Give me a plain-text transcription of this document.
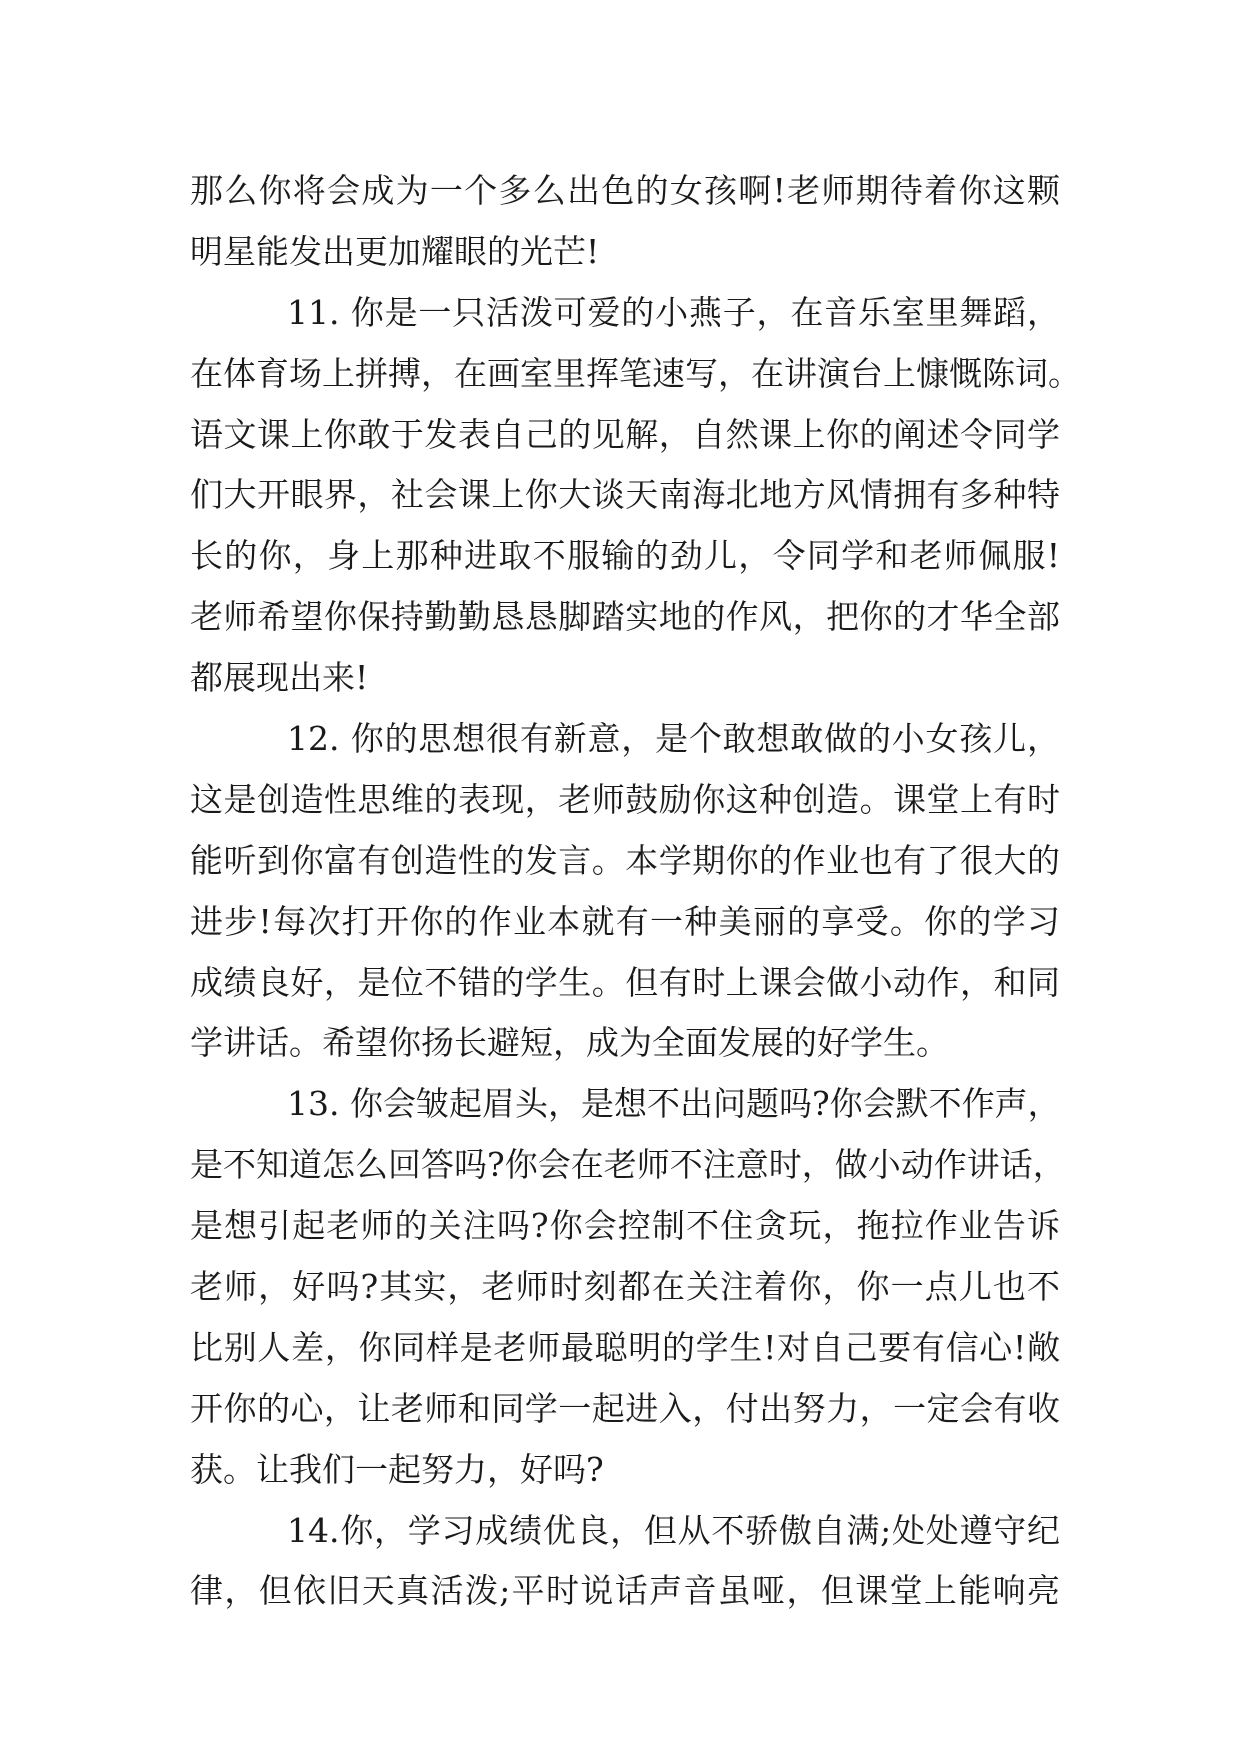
那么你将会成为一个多么出色的女孩啊!老师期待着你这颗
明星能发出更加耀眼的光芒!
11. 你是一只活泼可爱的小燕子，在音乐室里舞蹈，
在体育场上拼搏，在画室里挥笔速写，在讲演台上慷慨陈词。
语文课上你敢于发表自己的见解，自然课上你的阐述令同学
们大开眼界，社会课上你大谈天南海北地方风情拥有多种特
长的你，身上那种进取不服输的劲儿，令同学和老师佩服!
老师希望你保持勤勤恳恳脚踏实地的作风，把你的才华全部
都展现出来!
12. 你的思想很有新意，是个敢想敢做的小女孩儿，
这是创造性思维的表现，老师鼓励你这种创造。课堂上有时
能听到你富有创造性的发言。本学期你的作业也有了很大的
进步!每次打开你的作业本就有一种美丽的享受。你的学习
成绩良好，是位不错的学生。但有时上课会做小动作，和同
学讲话。希望你扬长避短，成为全面发展的好学生。
13. 你会皱起眉头，是想不出问题吗?你会默不作声，
是不知道怎么回答吗?你会在老师不注意时，做小动作讲话，
是想引起老师的关注吗?你会控制不住贪玩，拖拉作业告诉
老师，好吗?其实，老师时刻都在关注着你，你一点儿也不
比别人差，你同样是老师最聪明的学生!对自己要有信心!敞
开你的心，让老师和同学一起进入，付出努力，一定会有收
获。让我们一起努力，好吗?
14.你，学习成绩优良，但从不骄傲自满;处处遵守纪
律，但依旧天真活泼;平时说话声音虽哑，但课堂上能响亮
